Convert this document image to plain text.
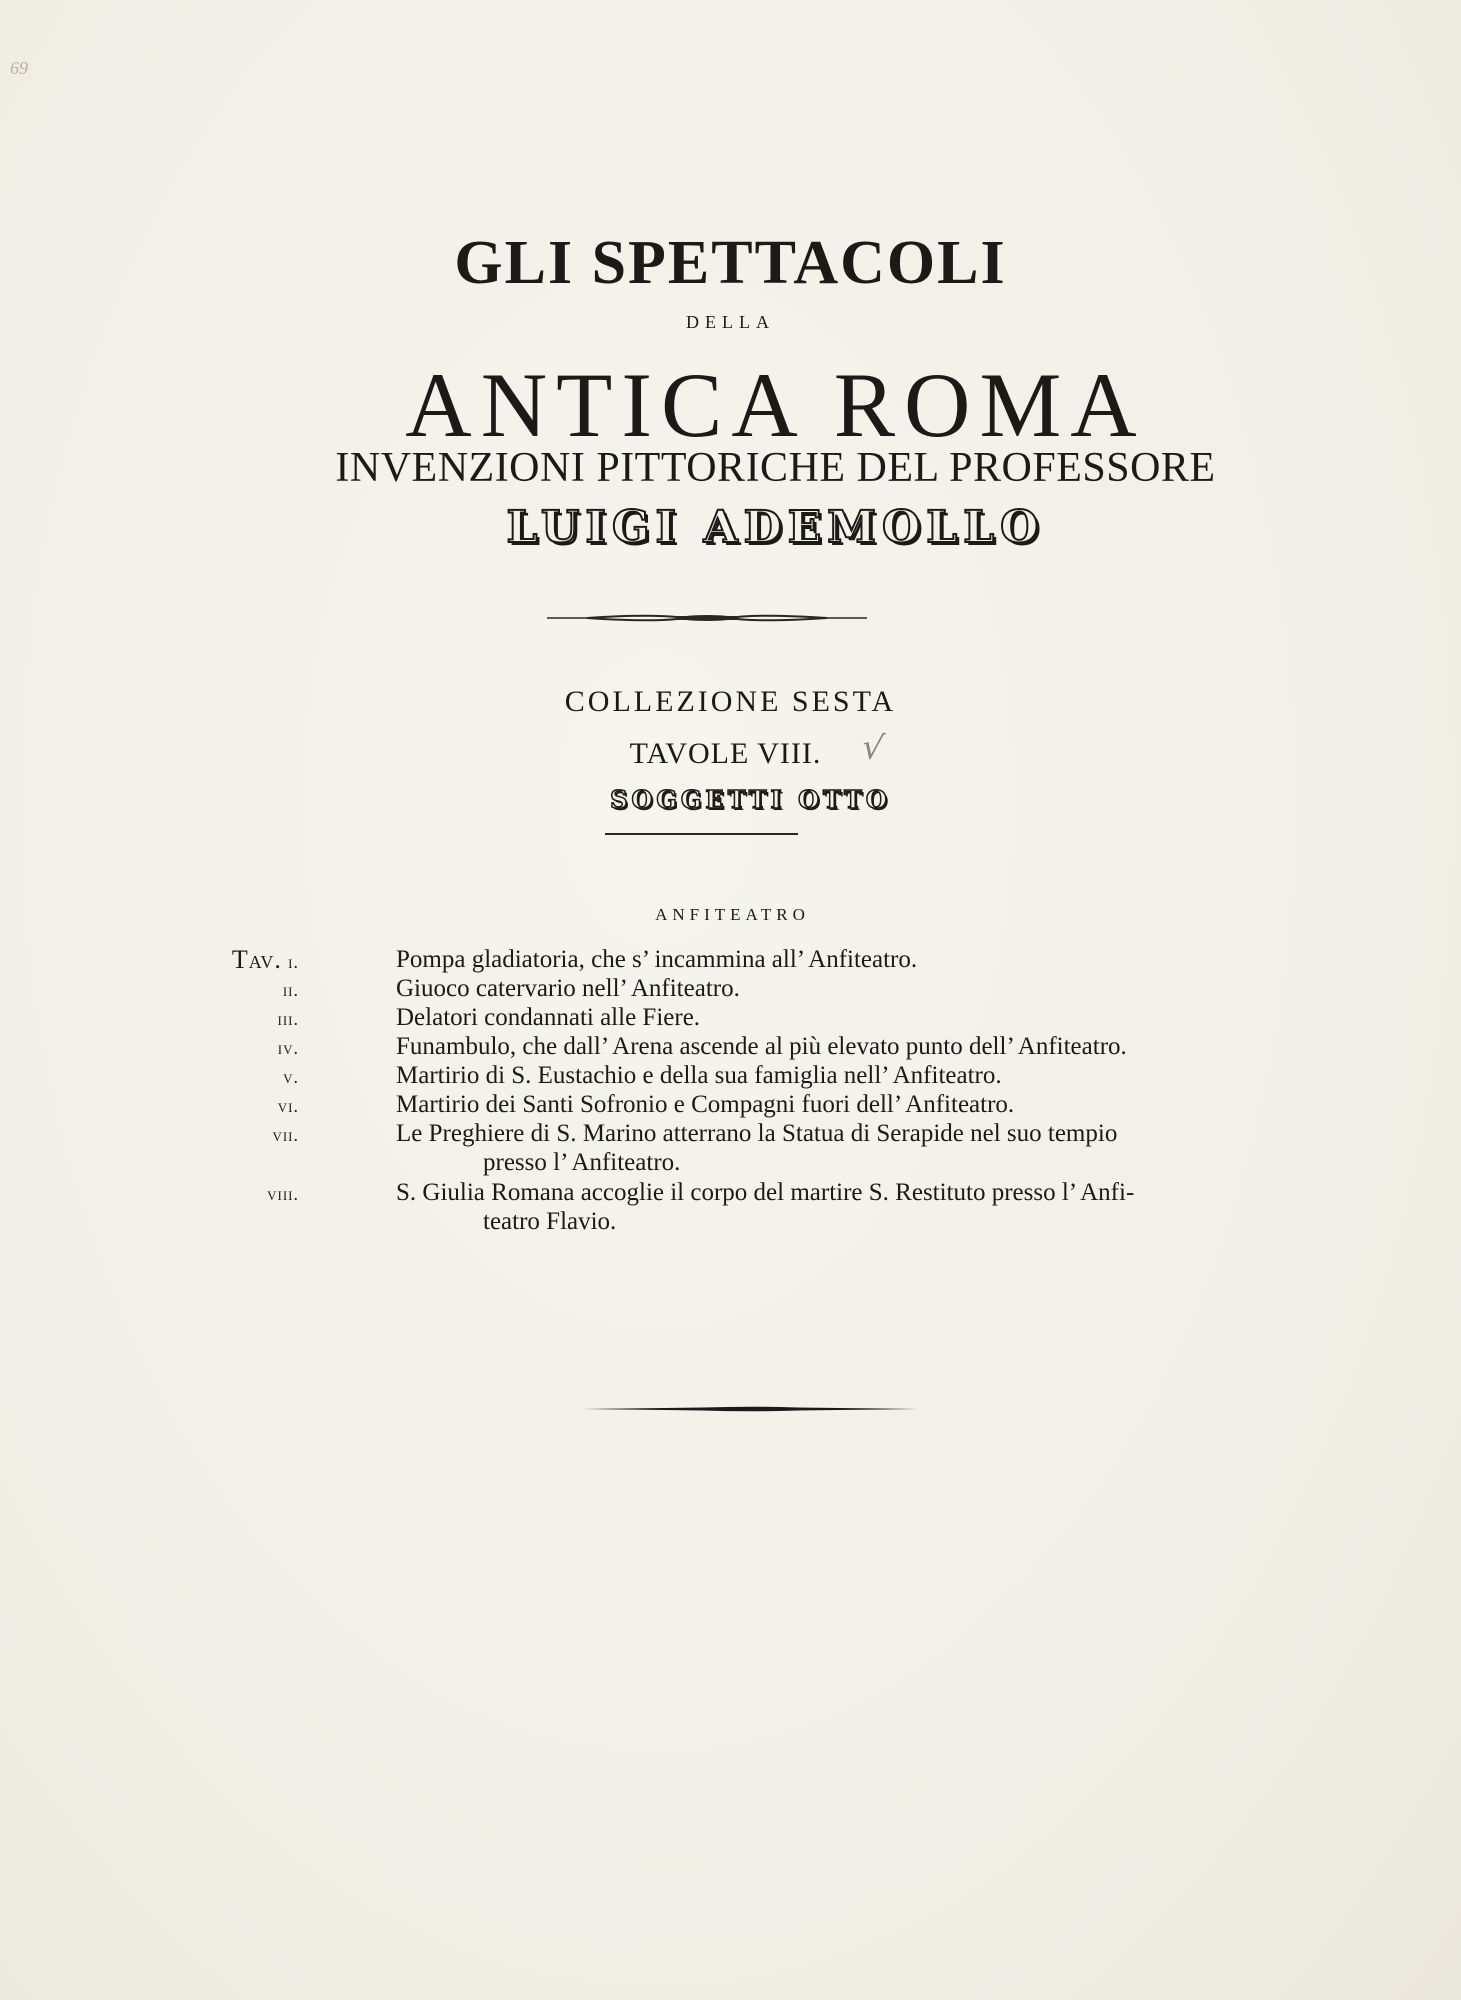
69
GLI SPETTACOLI
DELLA
ANTICA ROMA
INVENZIONI PITTORICHE DEL PROFESSORE
LUIGI ADEMOLLO
COLLEZIONE SESTA
TAVOLE VIII.	√
SOGGETTI OTTO
ANFITEATRO
Tav. i.	Pompa gladiatoria, che s’ incammina all’ Anfiteatro.
ii.	Giuoco catervario nell’ Anfiteatro.
iii.	Delatori condannati alle Fiere.
iv.	Funambulo, che dall’ Arena ascende al più elevato punto dell’ Anfiteatro.
v.	Martirio di S. Eustachio e della sua famiglia nell’ Anfiteatro.
vi.	Martirio dei Santi Sofronio e Compagni fuori dell’ Anfiteatro.
vii.	Le Preghiere di S. Marino atterrano la Statua di Serapide nel suo tempio
presso l’ Anfiteatro.
viii.	S. Giulia Romana accoglie il corpo del martire S. Restituto presso l’ Anfi-
teatro Flavio.
